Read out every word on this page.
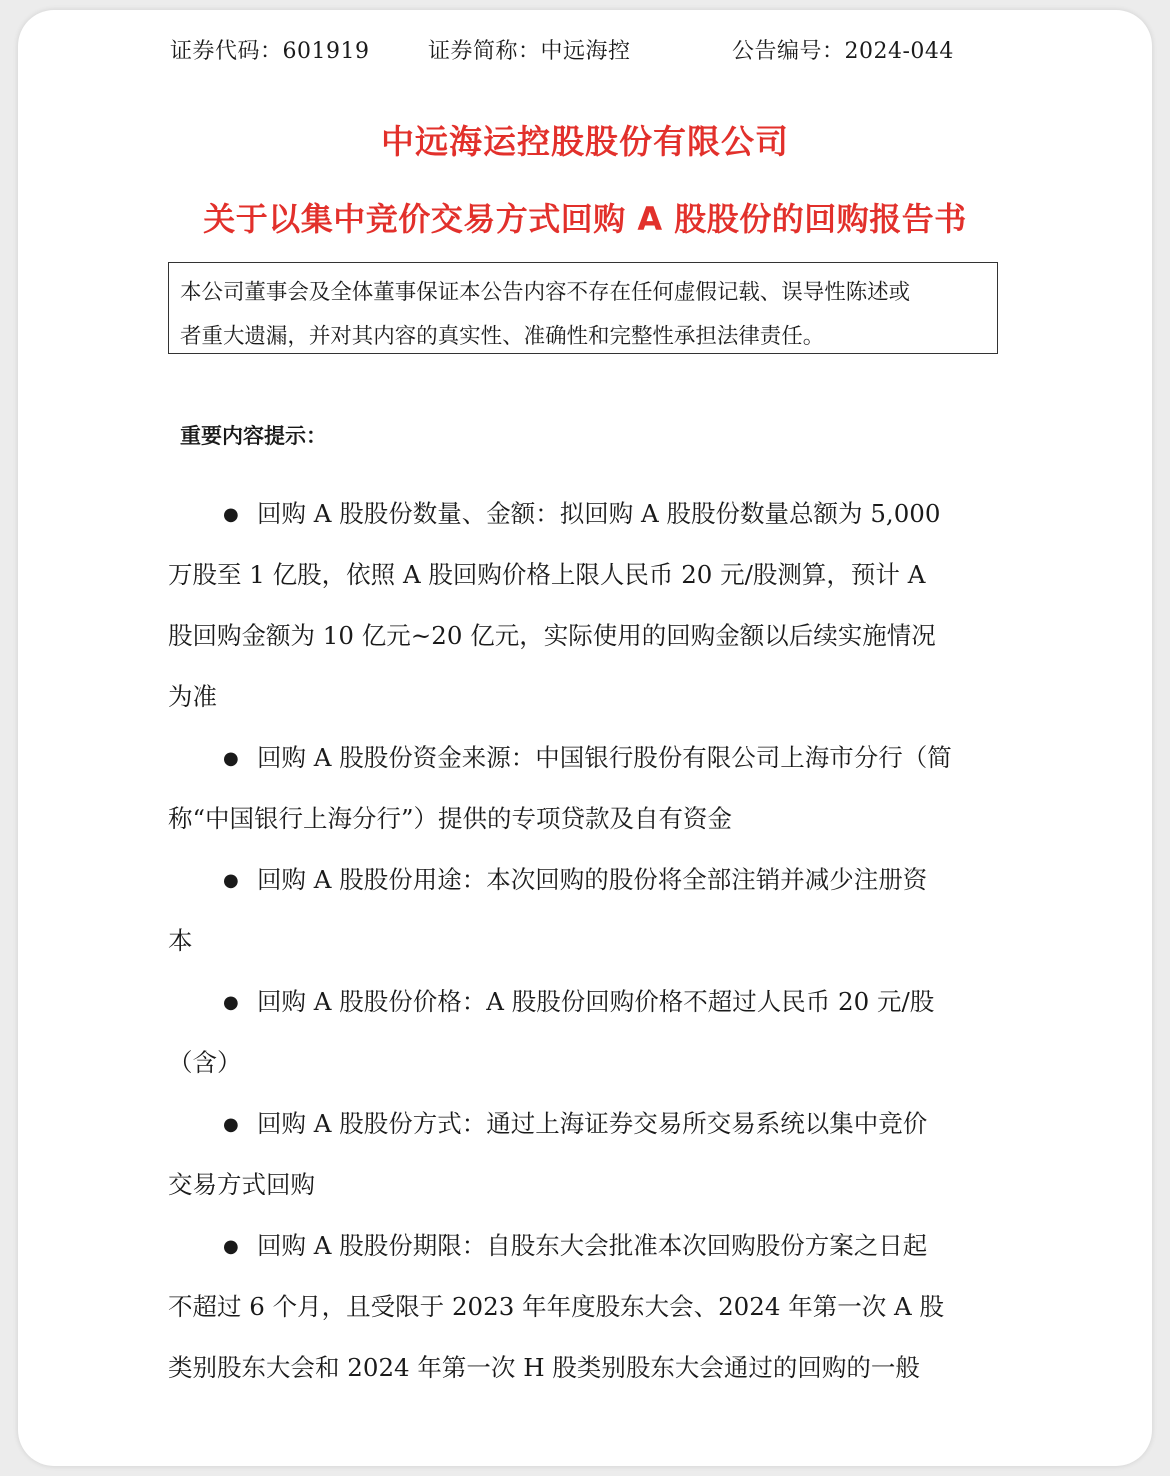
证券代码：601919	证券简称：中远海控	公告编号：2024-044
中远海运控股股份有限公司
关于以集中竞价交易方式回购 A 股股份的回购报告书
本公司董事会及全体董事保证本公告内容不存在任何虚假记载、误导性陈述或
者重大遗漏，并对其内容的真实性、准确性和完整性承担法律责任。
重要内容提示：
● 回购 A 股股份数量、金额：拟回购 A 股股份数量总额为 5,000
万股至 1 亿股，依照 A 股回购价格上限人民币 20 元/股测算，预计 A
股回购金额为 10 亿元~20 亿元，实际使用的回购金额以后续实施情况
为准
● 回购 A 股股份资金来源：中国银行股份有限公司上海市分行（简
称“中国银行上海分行”）提供的专项贷款及自有资金
● 回购 A 股股份用途：本次回购的股份将全部注销并减少注册资
本
● 回购 A 股股份价格：A 股股份回购价格不超过人民币 20 元/股
（含）
● 回购 A 股股份方式：通过上海证券交易所交易系统以集中竞价
交易方式回购
● 回购 A 股股份期限：自股东大会批准本次回购股份方案之日起
不超过 6 个月，且受限于 2023 年年度股东大会、2024 年第一次 A 股
类别股东大会和 2024 年第一次 H 股类别股东大会通过的回购的一般
